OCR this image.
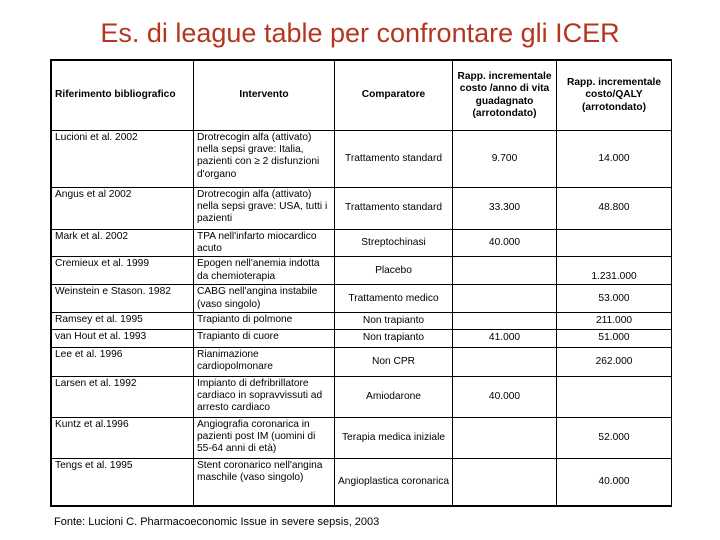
Es. di league table per confrontare gli ICER
Riferimento bibliografico	Intervento	Comparatore	Rapp. incrementale costo /anno di vita guadagnato (arrotondato)	Rapp. incrementale costo/QALY (arrotondato)
Lucioni et al. 2002	Drotrecogin alfa (attivato) nella sepsi grave: Italia, pazienti con ≥ 2 disfunzioni d'organo	Trattamento standard	9.700	14.000
Angus et al 2002	Drotrecogin alfa (attivato) nella sepsi grave: USA, tutti i pazienti	Trattamento standard	33.300	48.800
Mark et al. 2002	TPA nell'infarto miocardico acuto	Streptochinasi	40.000	
Cremieux et al. 1999	Epogen nell'anemia indotta da chemioterapia	Placebo		1.231.000
Weinstein e Stason. 1982	CABG nell'angina instabile (vaso singolo)	Trattamento medico		53.000
Ramsey et al. 1995	Trapianto di polmone	Non trapianto		211.000
van Hout et al. 1993	Trapianto di cuore	Non trapianto	41.000	51.000
Lee et al. 1996	Rianimazione cardiopolmonare	Non CPR		262.000
Larsen et al. 1992	Impianto di defribrillatore cardiaco in sopravvissuti ad arresto cardiaco	Amiodarone	40.000	
Kuntz et al.1996	Angiografia coronarica in pazienti post IM (uomini di 55-64 anni di età)	Terapia medica iniziale		52.000
Tengs et al. 1995	Stent coronarico nell'angina maschile (vaso singolo)	Angioplastica coronarica		40.000
Fonte: Lucioni C. Pharmacoeconomic Issue in severe sepsis, 2003
